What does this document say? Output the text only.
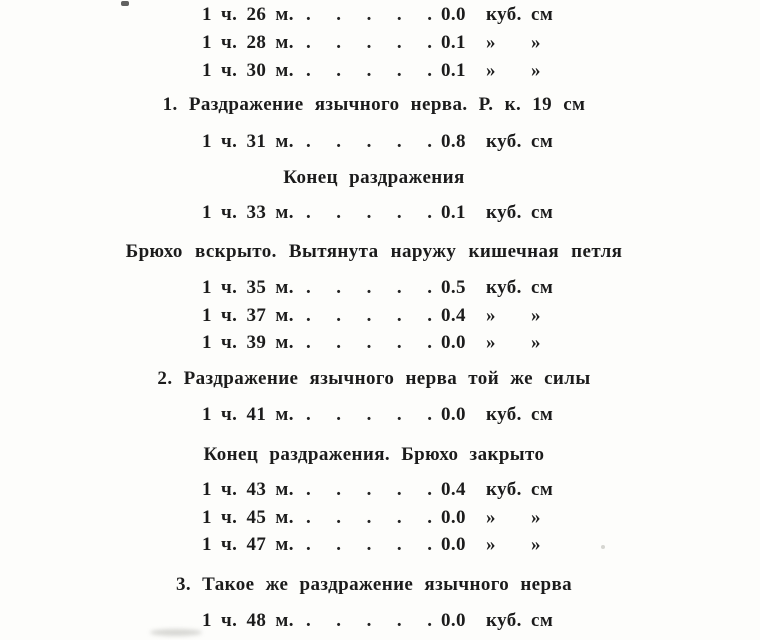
1 ч. 26 м. . . . . . 0.0 куб. см
1 ч. 28 м. . . . . . 0.1 » »
1 ч. 30 м. . . . . . 0.1 » »
1. Раздражение язычного нерва. Р. к. 19 см
1 ч. 31 м. . . . . . 0.8 куб. см
Конец раздражения
1 ч. 33 м. . . . . . 0.1 куб. см
Брюхо вскрыто. Вытянута наружу кишечная петля
1 ч. 35 м. . . . . . 0.5 куб. см
1 ч. 37 м. . . . . . 0.4 » »
1 ч. 39 м. . . . . . 0.0 » »
2. Раздражение язычного нерва той же силы
1 ч. 41 м. . . . . . 0.0 куб. см
Конец раздражения. Брюхо закрыто
1 ч. 43 м. . . . . . 0.4 куб. см
1 ч. 45 м. . . . . . 0.0 » »
1 ч. 47 м. . . . . . 0.0 » »
3. Такое же раздражение язычного нерва
1 ч. 48 м. . . . . . 0.0 куб. см
